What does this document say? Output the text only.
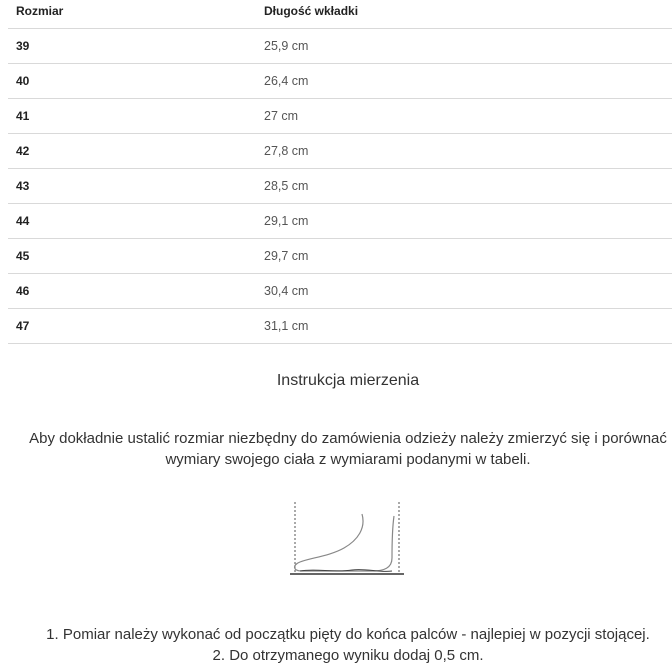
Rozmiar	Długość wkładki
39	25,9 cm
40	26,4 cm
41	27 cm
42	27,8 cm
43	28,5 cm
44	29,1 cm
45	29,7 cm
46	30,4 cm
47	31,1 cm
Instrukcja mierzenia
Aby dokładnie ustalić rozmiar niezbędny do zamówienia odzieży należy zmierzyć się i porównać wymiary swojego ciała z wymiarami podanymi w tabeli.
1. Pomiar należy wykonać od początku pięty do końca palców - najlepiej w pozycji stojącej.
2. Do otrzymanego wyniku dodaj 0,5 cm.
